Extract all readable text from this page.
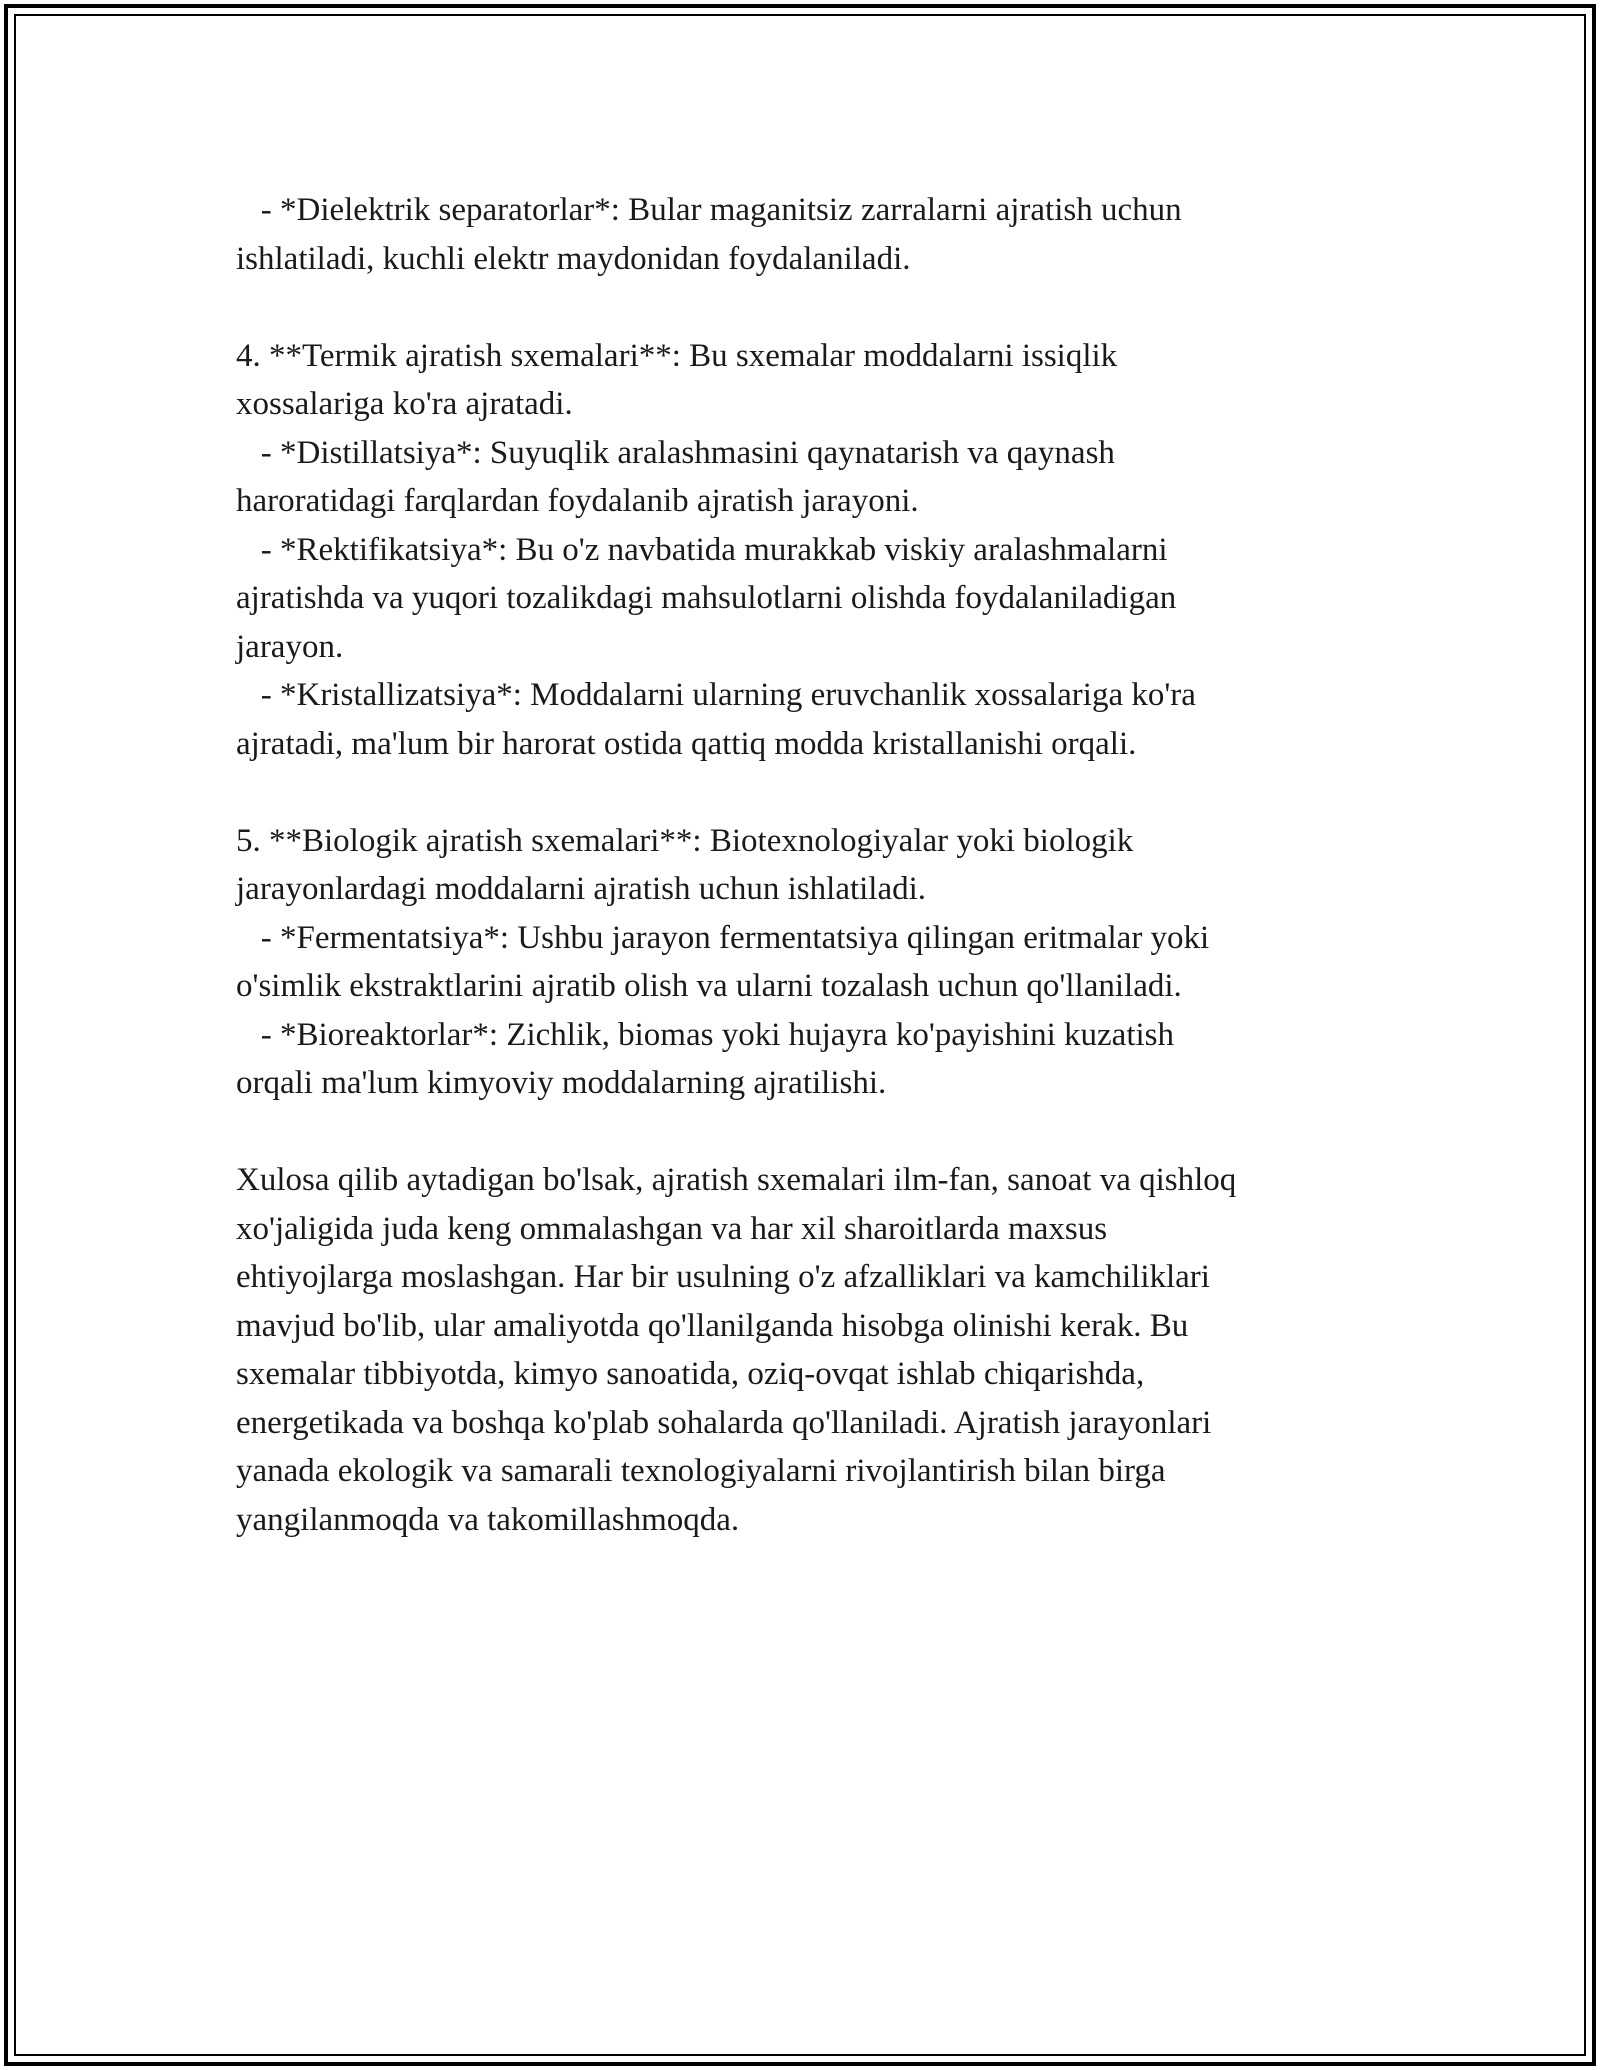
- *Dielektrik separatorlar*: Bular maganitsiz zarralarni ajratish uchun
ishlatiladi, kuchli elektr maydonidan foydalaniladi.
4. **Termik ajratish sxemalari**: Bu sxemalar moddalarni issiqlik
xossalariga ko'ra ajratadi.
- *Distillatsiya*: Suyuqlik aralashmasini qaynatarish va qaynash
haroratidagi farqlardan foydalanib ajratish jarayoni.
- *Rektifikatsiya*: Bu o'z navbatida murakkab viskiy aralashmalarni
ajratishda va yuqori tozalikdagi mahsulotlarni olishda foydalaniladigan
jarayon.
- *Kristallizatsiya*: Moddalarni ularning eruvchanlik xossalariga ko'ra
ajratadi, ma'lum bir harorat ostida qattiq modda kristallanishi orqali.
5. **Biologik ajratish sxemalari**: Biotexnologiyalar yoki biologik
jarayonlardagi moddalarni ajratish uchun ishlatiladi.
- *Fermentatsiya*: Ushbu jarayon fermentatsiya qilingan eritmalar yoki
o'simlik ekstraktlarini ajratib olish va ularni tozalash uchun qo'llaniladi.
- *Bioreaktorlar*: Zichlik, biomas yoki hujayra ko'payishini kuzatish
orqali ma'lum kimyoviy moddalarning ajratilishi.
Xulosa qilib aytadigan bo'lsak, ajratish sxemalari ilm-fan, sanoat va qishloq
xo'jaligida juda keng ommalashgan va har xil sharoitlarda maxsus
ehtiyojlarga moslashgan. Har bir usulning o'z afzalliklari va kamchiliklari
mavjud bo'lib, ular amaliyotda qo'llanilganda hisobga olinishi kerak. Bu
sxemalar tibbiyotda, kimyo sanoatida, oziq-ovqat ishlab chiqarishda,
energetikada va boshqa ko'plab sohalarda qo'llaniladi. Ajratish jarayonlari
yanada ekologik va samarali texnologiyalarni rivojlantirish bilan birga
yangilanmoqda va takomillashmoqda.
